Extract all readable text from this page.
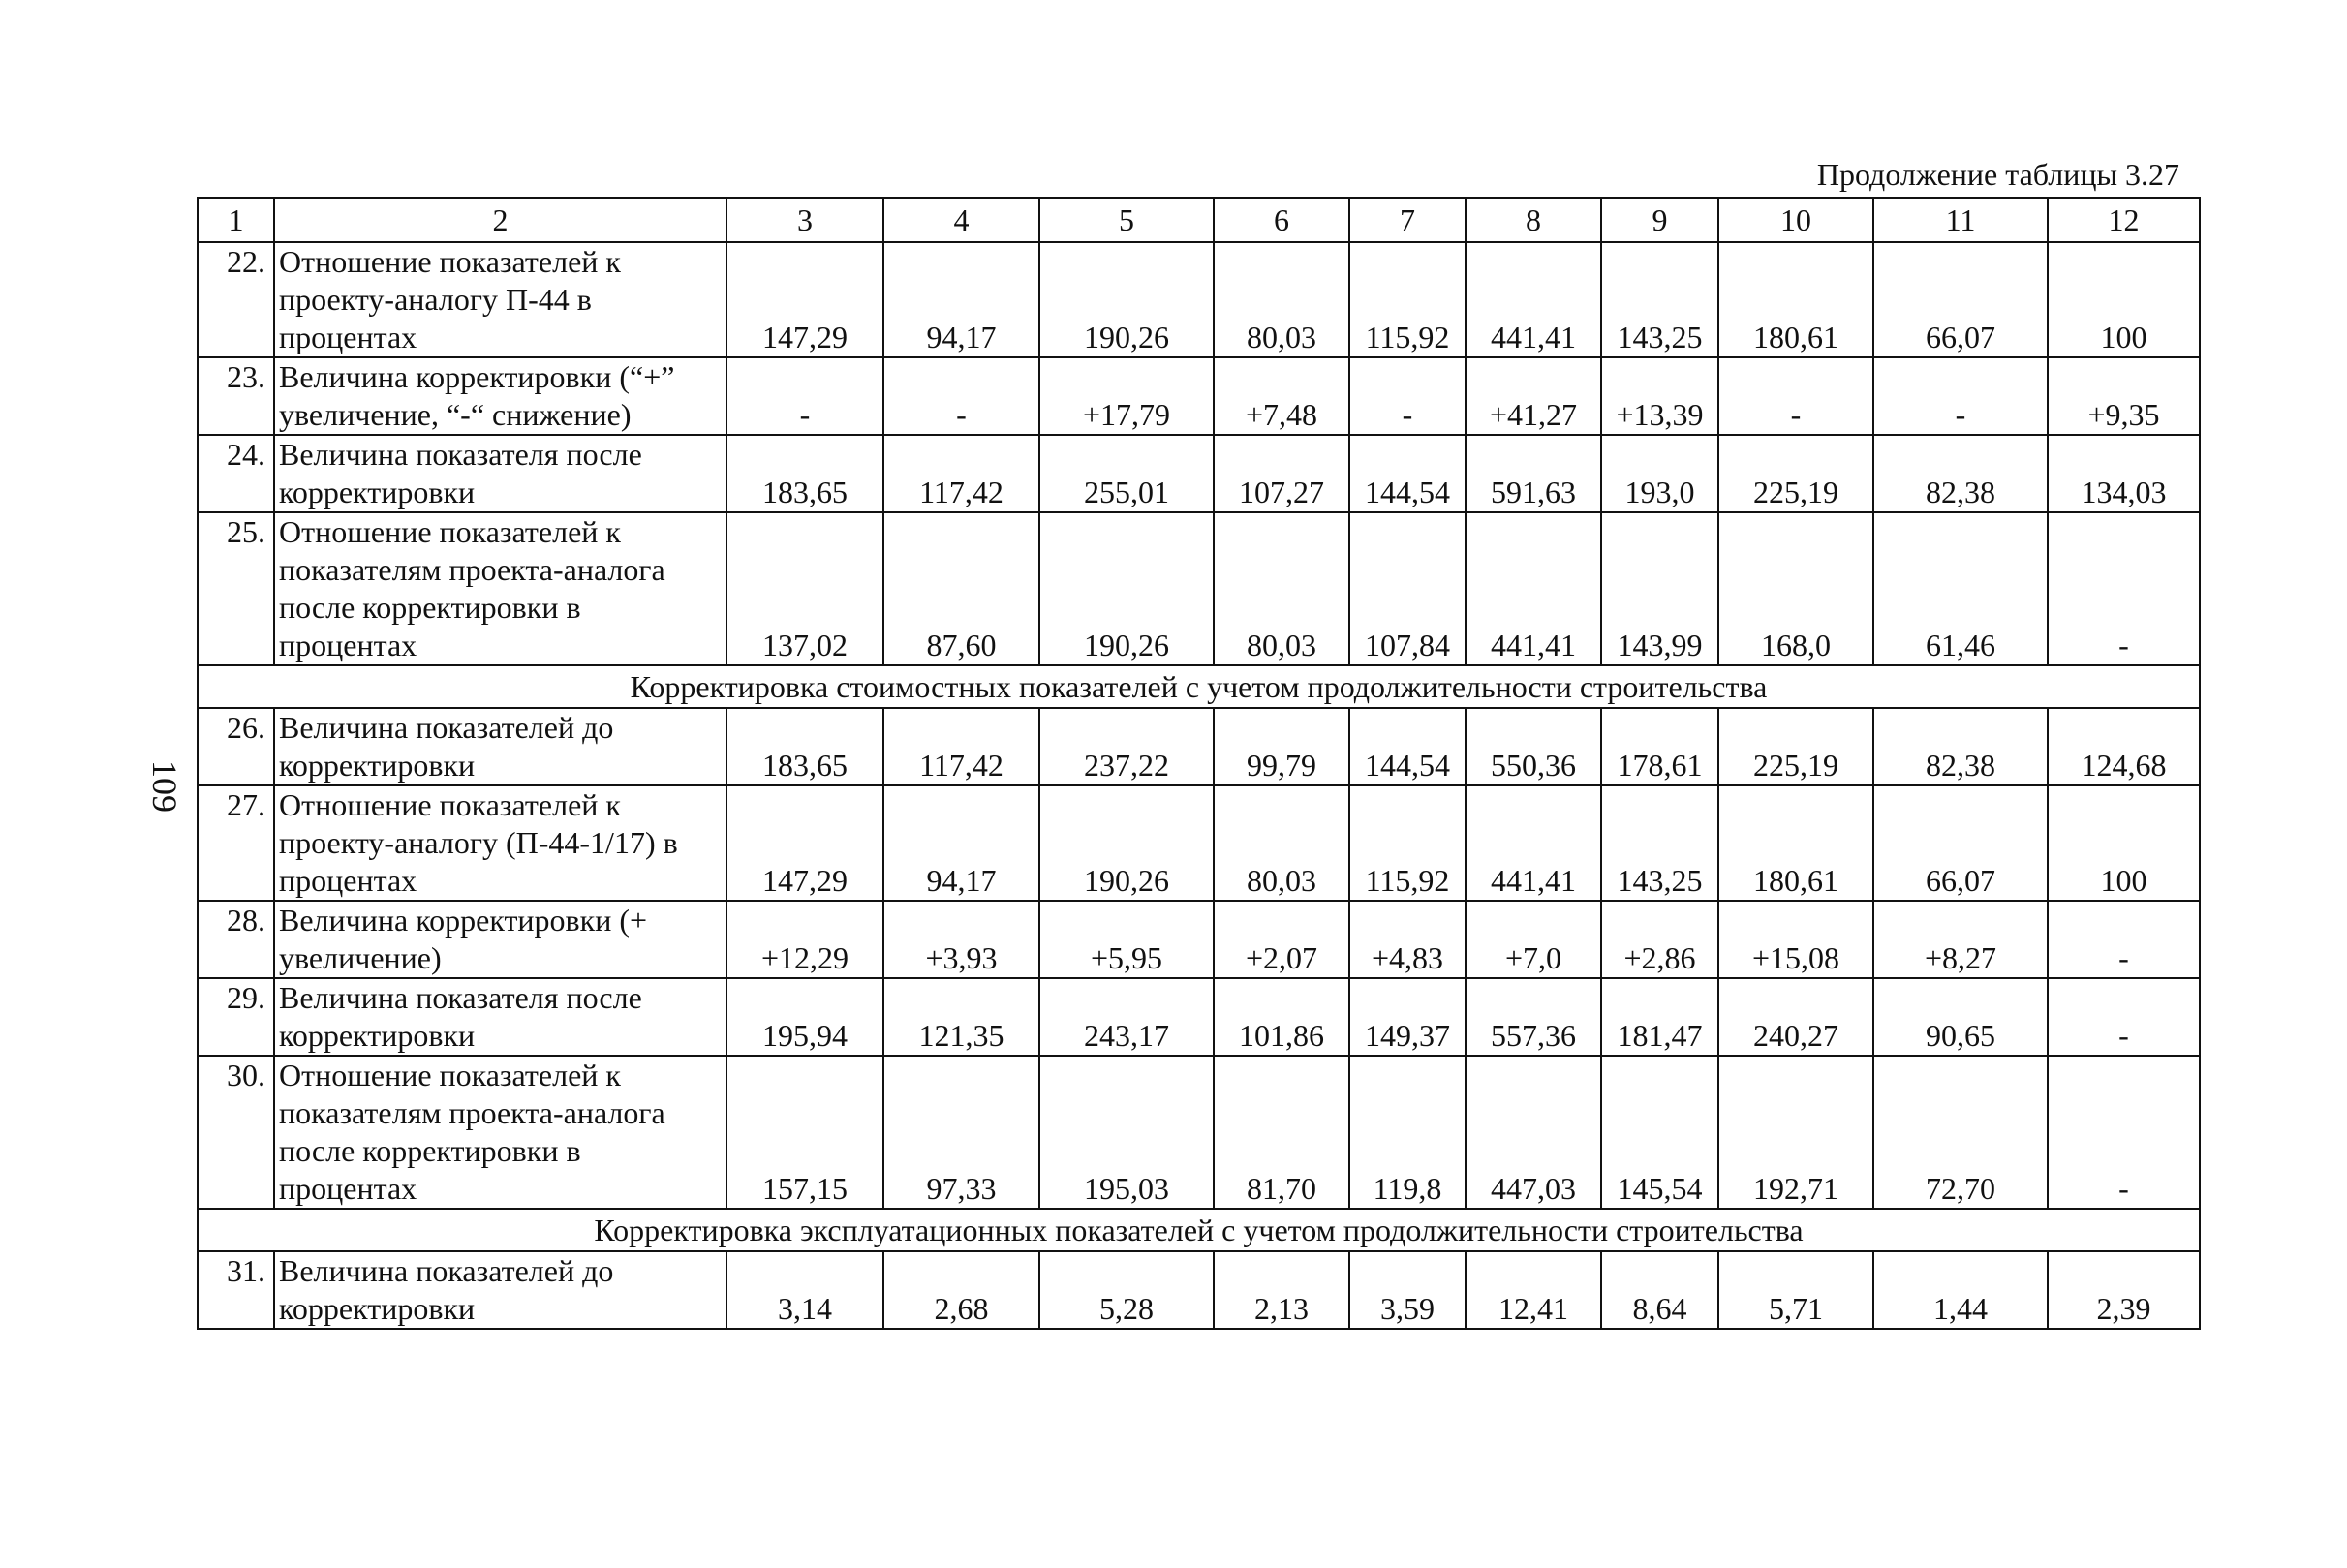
Продолжение таблицы 3.27
109
1	2	3	4	5	6	7	8	9	10	11	12
22.	Отношение показателей к проекту-аналогу П-44 в процентах	147,29	94,17	190,26	80,03	115,92	441,41	143,25	180,61	66,07	100
23.	Величина корректировки (“+” увеличение, “-“ снижение)	-	-	+17,79	+7,48	-	+41,27	+13,39	-	-	+9,35
24.	Величина показателя после корректировки	183,65	117,42	255,01	107,27	144,54	591,63	193,0	225,19	82,38	134,03
25.	Отношение показателей к показателям проекта-аналога после корректировки в процентах	137,02	87,60	190,26	80,03	107,84	441,41	143,99	168,0	61,46	-
Корректировка стоимостных показателей с учетом продолжительности строительства											
26.	Величина показателей до корректировки	183,65	117,42	237,22	99,79	144,54	550,36	178,61	225,19	82,38	124,68
27.	Отношение показателей к проекту-аналогу (П-44-1/17) в процентах	147,29	94,17	190,26	80,03	115,92	441,41	143,25	180,61	66,07	100
28.	Величина корректировки (+ увеличение)	+12,29	+3,93	+5,95	+2,07	+4,83	+7,0	+2,86	+15,08	+8,27	-
29.	Величина показателя после корректировки	195,94	121,35	243,17	101,86	149,37	557,36	181,47	240,27	90,65	-
30.	Отношение показателей к показателям проекта-аналога после корректировки в процентах	157,15	97,33	195,03	81,70	119,8	447,03	145,54	192,71	72,70	-
Корректировка эксплуатационных показателей с учетом продолжительности строительства											
31.	Величина показателей до корректировки	3,14	2,68	5,28	2,13	3,59	12,41	8,64	5,71	1,44	2,39
